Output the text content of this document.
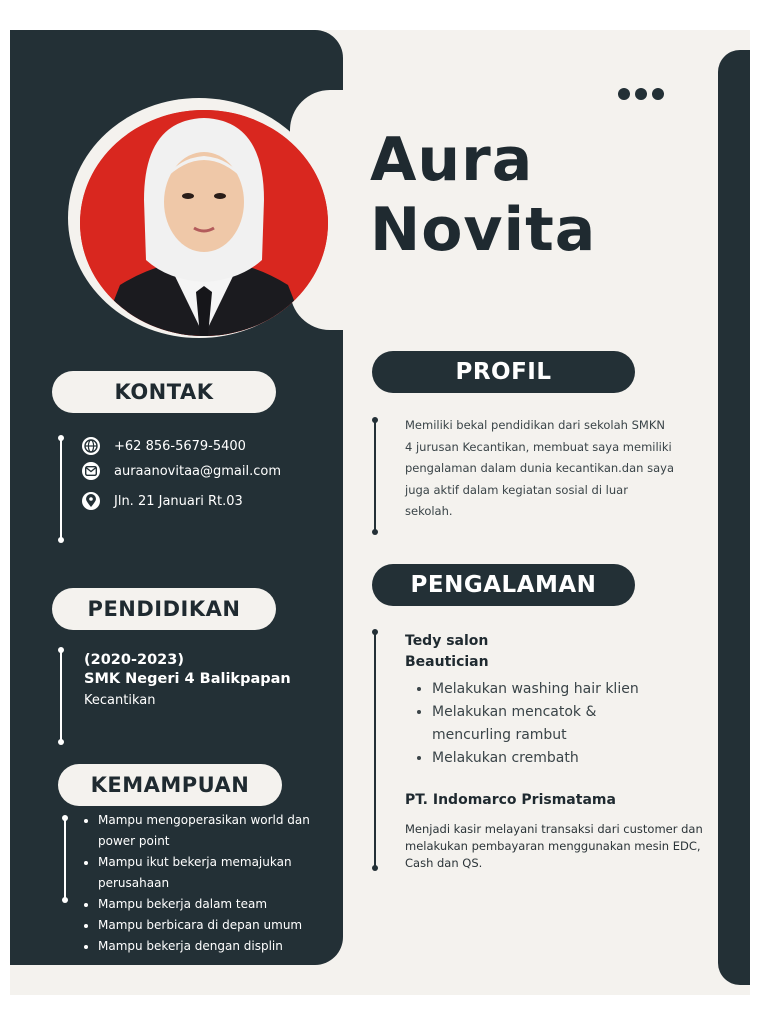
Aura
Novita
KONTAK
+62 856-5679-5400
auraanovitaa@gmail.com
Jln. 21 Januari Rt.03
PENDIDIKAN
(2020-2023)
SMK Negeri 4 Balikpapan
Kecantikan
KEMAMPUAN
• Mampu mengoperasikan world dan power point
• Mampu ikut bekerja memajukan perusahaan
• Mampu bekerja dalam team
• Mampu berbicara di depan umum
• Mampu bekerja dengan displin
PROFIL
Memiliki bekal pendidikan dari sekolah SMKN 4 jurusan Kecantikan, membuat saya memiliki pengalaman dalam dunia kecantikan.dan saya juga aktif dalam kegiatan sosial di luar sekolah.
PENGALAMAN
Tedy salon
Beautician
• Melakukan washing hair klien
• Melakukan mencatok & mencurling rambut
• Melakukan crembath
PT. Indomarco Prismatama
Menjadi kasir melayani transaksi dari customer dan melakukan pembayaran menggunakan mesin EDC, Cash dan QS.
